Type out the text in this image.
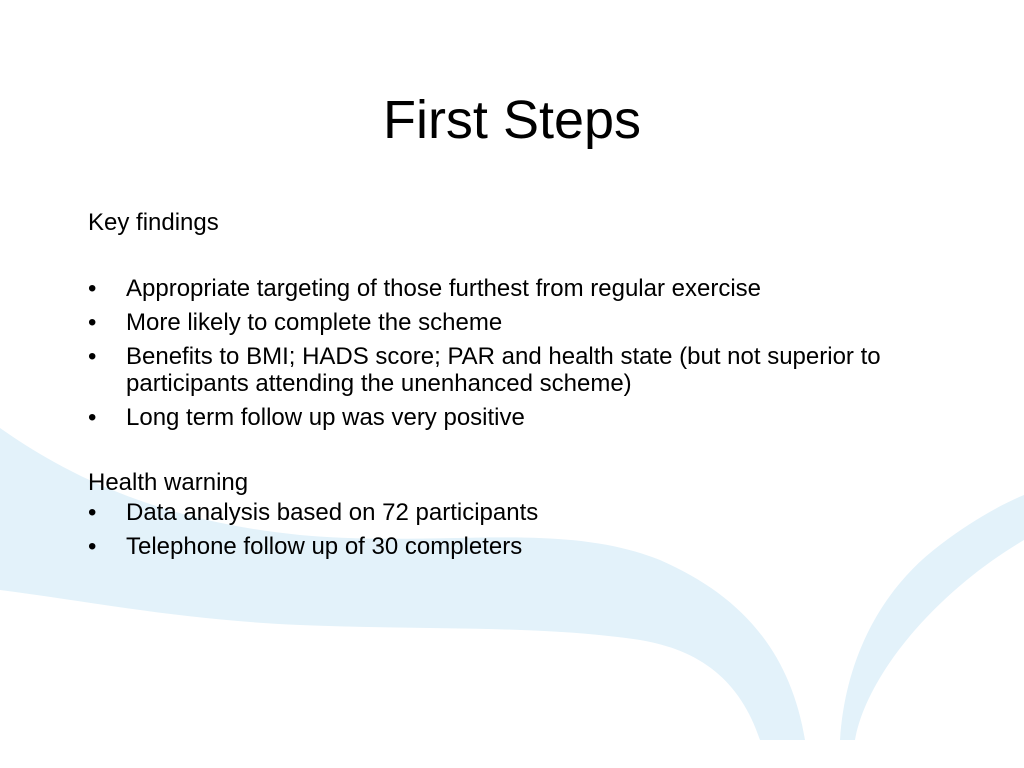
First Steps

Key findings

• Appropriate targeting of those furthest from regular exercise
• More likely to complete the scheme
• Benefits to BMI; HADS score; PAR and health state (but not superior to participants attending the unenhanced scheme)
• Long term follow up was very positive

Health warning

• Data analysis based on 72 participants
• Telephone follow up of 30 completers
